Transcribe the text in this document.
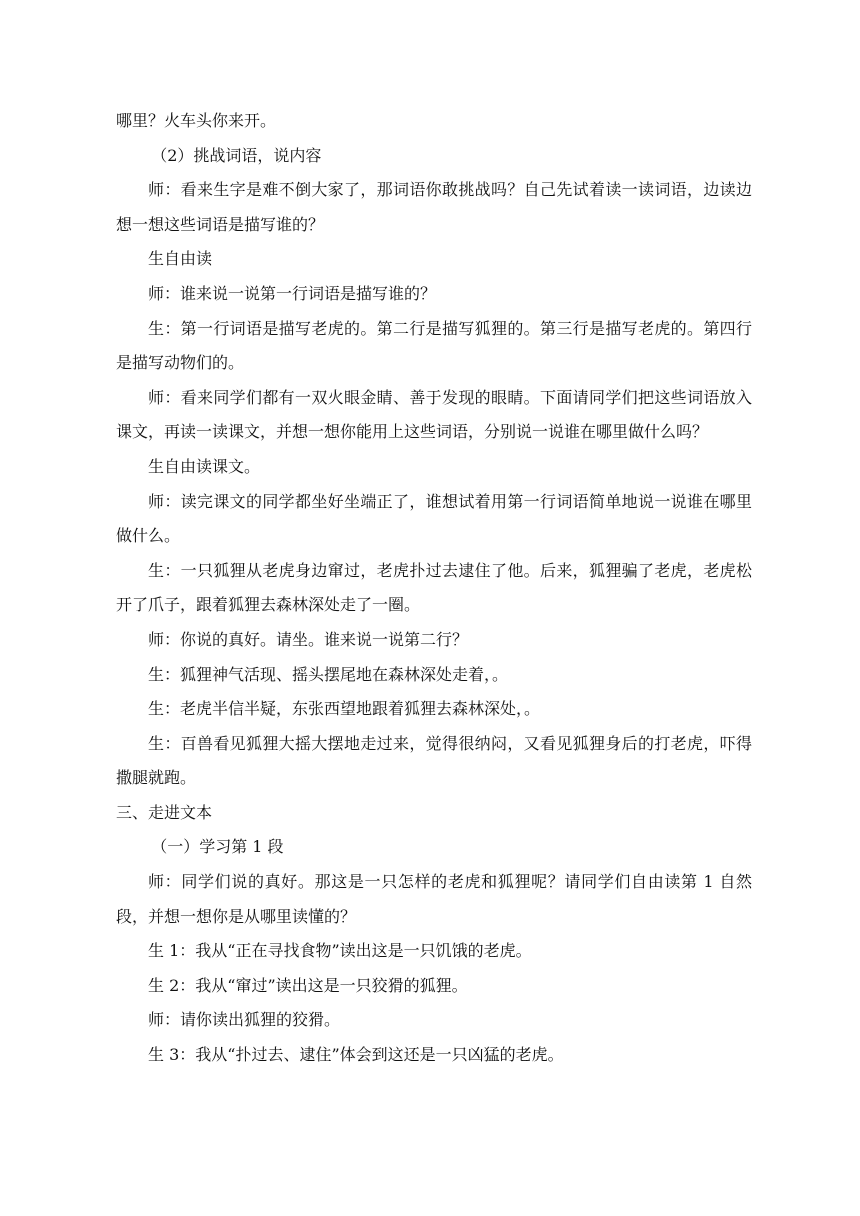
哪里？火车头你来开。

（2）挑战词语，说内容

师：看来生字是难不倒大家了，那词语你敢挑战吗？自己先试着读一读词语，边读边想一想这些词语是描写谁的？

生自由读

师：谁来说一说第一行词语是描写谁的？

生：第一行词语是描写老虎的。第二行是描写狐狸的。第三行是描写老虎的。第四行是描写动物们的。

师：看来同学们都有一双火眼金睛、善于发现的眼睛。下面请同学们把这些词语放入课文，再读一读课文，并想一想你能用上这些词语，分别说一说谁在哪里做什么吗？

生自由读课文。

师：读完课文的同学都坐好坐端正了，谁想试着用第一行词语简单地说一说谁在哪里做什么。

生：一只狐狸从老虎身边窜过，老虎扑过去逮住了他。后来，狐狸骗了老虎，老虎松开了爪子，跟着狐狸去森林深处走了一圈。

师：你说的真好。请坐。谁来说一说第二行？

生：狐狸神气活现、摇头摆尾地在森林深处走着，。

生：老虎半信半疑，东张西望地跟着狐狸去森林深处，。

生：百兽看见狐狸大摇大摆地走过来，觉得很纳闷，又看见狐狸身后的打老虎，吓得撒腿就跑。

三、走进文本

（一）学习第 1 段

师：同学们说的真好。那这是一只怎样的老虎和狐狸呢？请同学们自由读第 1 自然段，并想一想你是从哪里读懂的？

生 1：我从“正在寻找食物”读出这是一只饥饿的老虎。

生 2：我从“窜过”读出这是一只狡猾的狐狸。

师：请你读出狐狸的狡猾。

生 3：我从“扑过去、逮住”体会到这还是一只凶猛的老虎。
